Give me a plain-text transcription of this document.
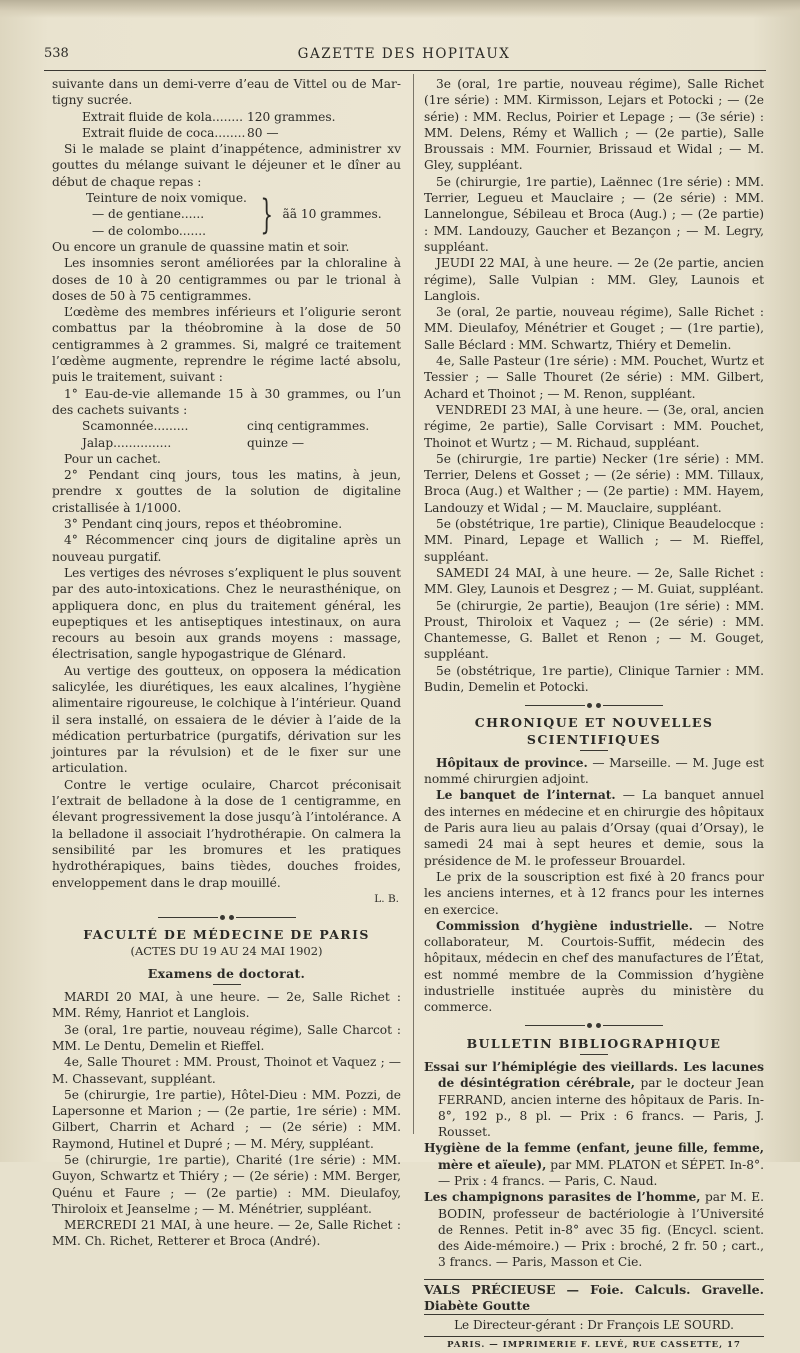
538	GAZETTE DES HOPITAUX

suivante dans un demi-verre d’eau de Vittel ou de Mar-tigny sucrée.

Extrait fluide de kola........ 120 grammes.

Extrait fluide de coca........ 80 —

Si le malade se plaint d’inappétence, administrer xv gouttes du mélange suivant le déjeuner et le dîner au début de chaque repas :

Teinture de noix vomique.

— de gentiane......

— de colombo.......	} ãã 10 grammes.

Ou encore un granule de quassine matin et soir.

Les insomnies seront améliorées par la chloraline à doses de 10 à 20 centigrammes ou par le trional à doses de 50 à 75 centigrammes.

L’œdème des membres inférieurs et l’oligurie seront combattus par la théobromine à la dose de 50 centigrammes à 2 grammes. Si, malgré ce traitement l’œdème augmente, reprendre le régime lacté absolu, puis le traitement, suivant :

1° Eau-de-vie allemande 15 à 30 grammes, ou l’un des cachets suivants :

Scamonnée.........	cinq centigrammes.

Jalap...............	quinze —

Pour un cachet.

2° Pendant cinq jours, tous les matins, à jeun, prendre x gouttes de la solution de digitaline cristallisée à 1/1000.

3° Pendant cinq jours, repos et théobromine.

4° Récommencer cinq jours de digitaline après un nouveau purgatif.

Les vertiges des névroses s’expliquent le plus souvent par des auto-intoxications. Chez le neurasthénique, on appliquera donc, en plus du traitement général, les eupeptiques et les antiseptiques intestinaux, on aura recours au besoin aux grands moyens : massage, électrisation, sangle hypogastrique de Glénard.

Au vertige des goutteux, on opposera la médication salicylée, les diurétiques, les eaux alcalines, l’hygiène alimentaire rigoureuse, le colchique à l’intérieur. Quand il sera installé, on essaiera de le dévier à l’aide de la médication perturbatrice (purgatifs, dérivation sur les jointures par la révulsion) et de le fixer sur une articulation.

Contre le vertige oculaire, Charcot préconisait l’extrait de belladone à la dose de 1 centigramme, en élevant progressivement la dose jusqu’à l’intolérance. A la belladone il associait l’hydrothérapie. On calmera la sensibilité par les bromures et les pratiques hydrothérapiques, bains tièdes, douches froides, enveloppement dans le drap mouillé.

L. B.

FACULTÉ DE MÉDECINE DE PARIS

(ACTES DU 19 AU 24 MAI 1902)

Examens de doctorat.

MARDI 20 MAI, à une heure. — 2e, Salle Richet : MM. Rémy, Hanriot et Langlois.

3e (oral, 1re partie, nouveau régime), Salle Charcot : MM. Le Dentu, Demelin et Rieffel.

4e, Salle Thouret : MM. Proust, Thoinot et Vaquez ; — M. Chassevant, suppléant.

5e (chirurgie, 1re partie), Hôtel-Dieu : MM. Pozzi, de Lapersonne et Marion ; — (2e partie, 1re série) : MM. Gilbert, Charrin et Achard ; — (2e série) : MM. Raymond, Hutinel et Dupré ; — M. Méry, suppléant.

5e (chirurgie, 1re partie), Charité (1re série) : MM. Guyon, Schwartz et Thiéry ; — (2e série) : MM. Berger, Quénu et Faure ; — (2e partie) : MM. Dieulafoy, Thiroloix et Jeanselme ; — M. Ménétrier, suppléant.

MERCREDI 21 MAI, à une heure. — 2e, Salle Richet : MM. Ch. Richet, Retterer et Broca (André).

3e (oral, 1re partie, nouveau régime), Salle Richet (1re série) : MM. Kirmisson, Lejars et Potocki ; — (2e série) : MM. Reclus, Poirier et Lepage ; — (3e série) : MM. Delens, Rémy et Wallich ; — (2e partie), Salle Broussais : MM. Fournier, Brissaud et Widal ; — M. Gley, suppléant.

5e (chirurgie, 1re partie), Laënnec (1re série) : MM. Terrier, Legueu et Mauclaire ; — (2e série) : MM. Lannelongue, Sébileau et Broca (Aug.) ; — (2e partie) : MM. Landouzy, Gaucher et Bezançon ; — M. Legry, suppléant.

JEUDI 22 MAI, à une heure. — 2e (2e partie, ancien régime), Salle Vulpian : MM. Gley, Launois et Langlois.

3e (oral, 2e partie, nouveau régime), Salle Richet : MM. Dieulafoy, Ménétrier et Gouget ; — (1re partie), Salle Béclard : MM. Schwartz, Thiéry et Demelin.

4e, Salle Pasteur (1re série) : MM. Pouchet, Wurtz et Tessier ; — Salle Thouret (2e série) : MM. Gilbert, Achard et Thoinot ; — M. Renon, suppléant.

VENDREDI 23 MAI, à une heure. — (3e, oral, ancien régime, 2e partie), Salle Corvisart : MM. Pouchet, Thoinot et Wurtz ; — M. Richaud, suppléant.

5e (chirurgie, 1re partie) Necker (1re série) : MM. Terrier, Delens et Gosset ; — (2e série) : MM. Tillaux, Broca (Aug.) et Walther ; — (2e partie) : MM. Hayem, Landouzy et Widal ; — M. Mauclaire, suppléant.

5e (obstétrique, 1re partie), Clinique Beaudelocque : MM. Pinard, Lepage et Wallich ; — M. Rieffel, suppléant.

SAMEDI 24 MAI, à une heure. — 2e, Salle Richet : MM. Gley, Launois et Desgrez ; — M. Guiat, suppléant.

5e (chirurgie, 2e partie), Beaujon (1re série) : MM. Proust, Thiroloix et Vaquez ; — (2e série) : MM. Chantemesse, G. Ballet et Renon ; — M. Gouget, suppléant.

5e (obstétrique, 1re partie), Clinique Tarnier : MM. Budin, Demelin et Potocki.

CHRONIQUE ET NOUVELLES SCIENTIFIQUES

Hôpitaux de province. — Marseille. — M. Juge est nommé chirurgien adjoint.

Le banquet de l’internat. — La banquet annuel des internes en médecine et en chirurgie des hôpitaux de Paris aura lieu au palais d’Orsay (quai d’Orsay), le samedi 24 mai à sept heures et demie, sous la présidence de M. le professeur Brouardel.

Le prix de la souscription est fixé à 20 francs pour les anciens internes, et à 12 francs pour les internes en exercice.

Commission d’hygiène industrielle. — Notre collaborateur, M. Courtois-Suffit, médecin des hôpitaux, médecin en chef des manufactures de l’État, est nommé membre de la Commission d’hygiène industrielle instituée auprès du ministère du commerce.

BULLETIN BIBLIOGRAPHIQUE

Essai sur l’hémiplégie des vieillards. Les lacunes de désintégration cérébrale, par le docteur Jean FERRAND, ancien interne des hôpitaux de Paris. In-8°, 192 p., 8 pl. — Prix : 6 francs. — Paris, J. Rousset.

Hygiène de la femme (enfant, jeune fille, femme, mère et aïeule), par MM. PLATON et SÉPET. In-8°. — Prix : 4 francs. — Paris, C. Naud.

Les champignons parasites de l’homme, par M. E. BODIN, professeur de bactériologie à l’Université de Rennes. Petit in-8° avec 35 fig. (Encycl. scient. des Aide-mémoire.) — Prix : broché, 2 fr. 50 ; cart., 3 francs. — Paris, Masson et Cie.

VALS PRÉCIEUSE — Foie. Calculs. Gravelle. Diabète Goutte

Le Directeur-gérant : Dr François LE SOURD.

PARIS. — IMPRIMERIE F. LEVÉ, RUE CASSETTE, 17
